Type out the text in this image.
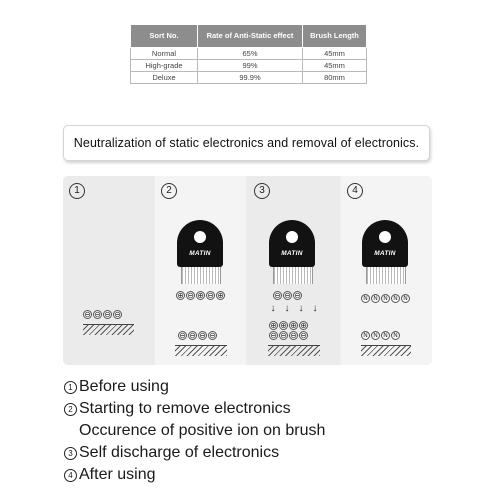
Sort No.	Rate of Anti-Static effect	Brush Length
Normal	65%	45mm
High-grade	99%	45mm
Deluxe	99.9%	80mm
Neutralization of static electronics and removal of electronics.
1
⊖ ⊖ ⊖ ⊖
2
MATIN
⊕ ⊖ ⊕ ⊖ ⊕
⊖ ⊖ ⊖ ⊖
3
MATIN
⊖ ⊖ ⊖
↓ ↓ ↓ ↓
⊕ ⊕ ⊕ ⊕
⊖ ⊖ ⊖ ⊖
4
MATIN
N N N N N
N N N N
1 Before using
2 Starting to remove electronics
Occurence of positive ion on brush
3 Self discharge of electronics
4 After using
